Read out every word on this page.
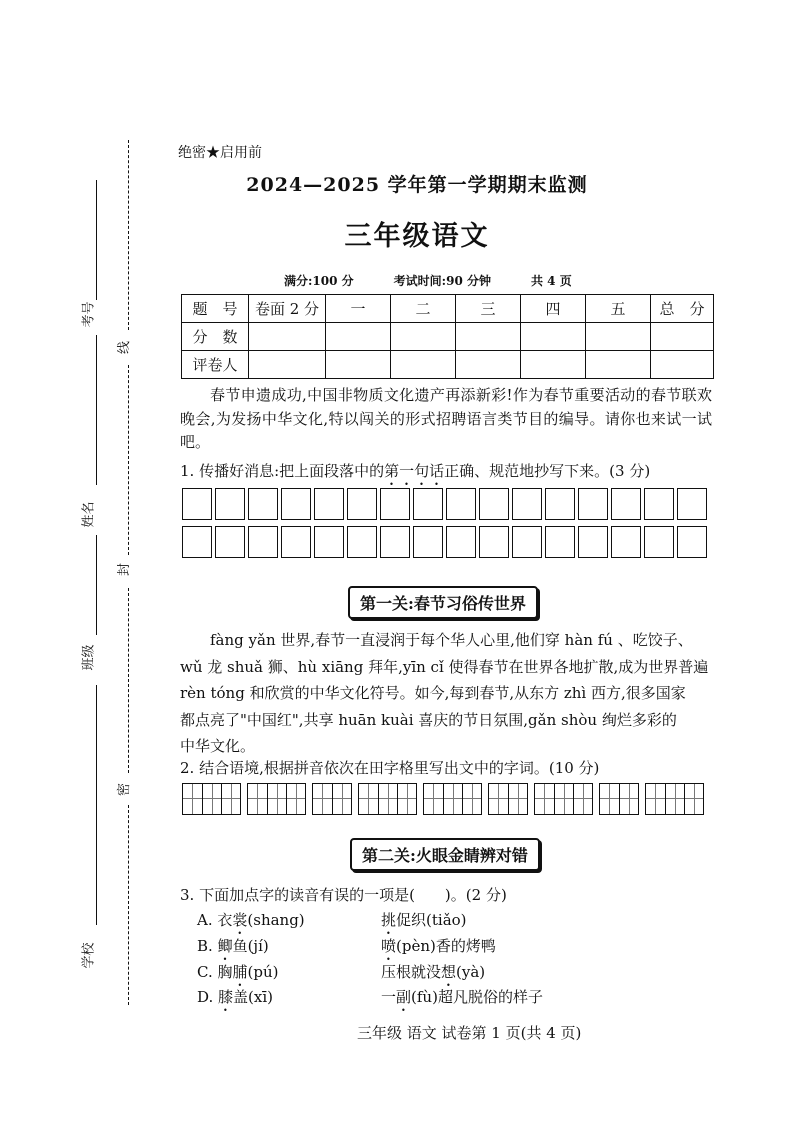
考号
姓名
班级
学校
线
封
密
绝密★启用前
2024—2025 学年第一学期期末监测
三年级语文
满分:100 分	考试时间:90 分钟	共 4 页
题　号	卷面 2 分	一	二	三	四	五	总　分
分　数							
评卷人							
春节申遗成功,中国非物质文化遗产再添新彩!作为春节重要活动的春节联欢晚会,为发扬中华文化,特以闯关的形式招聘语言类节目的编导。请你也来试一试吧。
1. 传播好消息:把上面段落中的第一句话正确、规范地抄写下来。(3 分)
第一关:春节习俗传世界
fàng yǎn 世界,春节一直浸润于每个华人心里,他们穿 hàn fú 、吃饺子、
wǔ 龙 shuǎ 狮、hù xiāng 拜年,yīn cǐ 使得春节在世界各地扩散,成为世界普遍
rèn tóng 和欣赏的中华文化符号。如今,每到春节,从东方 zhì 西方,很多国家
都点亮了"中国红",共享 huān kuài 喜庆的节日氛围,gǎn shòu 绚烂多彩的
中华文化。
2. 结合语境,根据拼音依次在田字格里写出文中的字词。(10 分)
第二关:火眼金睛辨对错
3. 下面加点字的读音有误的一项是(　　)。(2 分)
A. 衣裳(shang)	挑促织(tiǎo)
B. 鲫鱼(jí)	喷(pèn)香的烤鸭
C. 胸脯(pú)	压根就没想(yà)
D. 膝盖(xī)	一副(fù)超凡脱俗的样子
三年级 语文 试卷第 1 页(共 4 页)
